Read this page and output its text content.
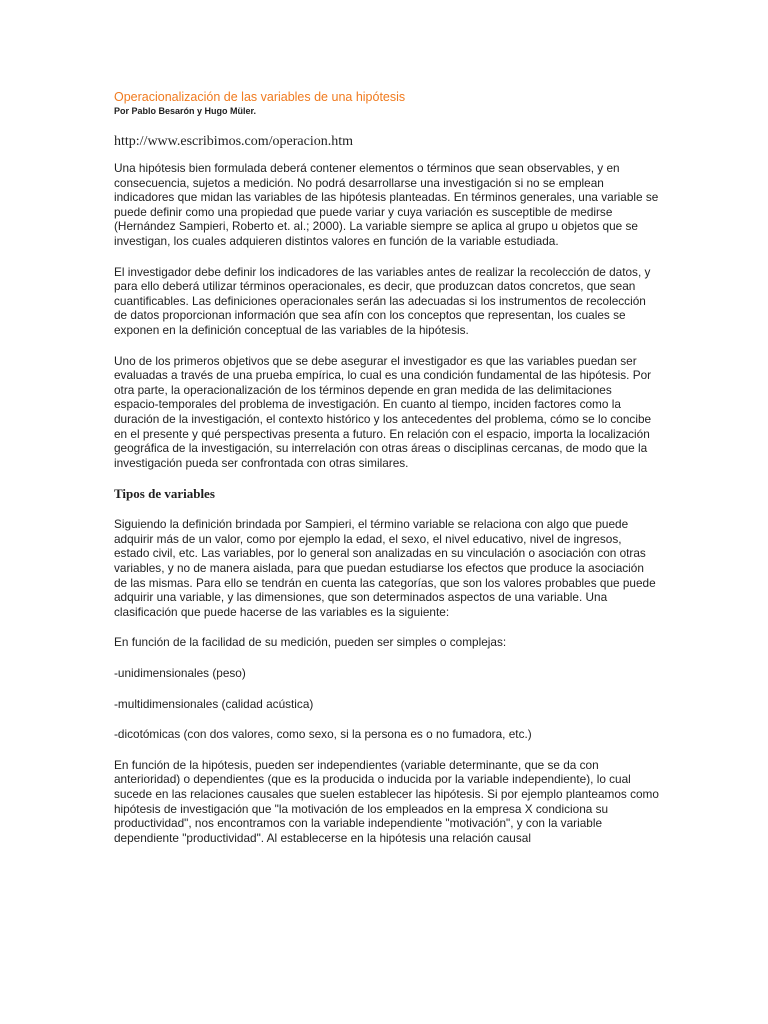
Operacionalización de las variables de una hipótesis

Por Pablo Besarón y Hugo Müler.

http://www.escribimos.com/operacion.htm

Una hipótesis bien formulada deberá contener elementos o términos que sean observables, y en consecuencia, sujetos a medición. No podrá desarrollarse una investigación si no se emplean indicadores que midan las variables de las hipótesis planteadas. En términos generales, una variable se puede definir como una propiedad que puede variar y cuya variación es susceptible de medirse (Hernández Sampieri, Roberto et. al.; 2000). La variable siempre se aplica al grupo u objetos que se investigan, los cuales adquieren distintos valores en función de la variable estudiada.

El investigador debe definir los indicadores de las variables antes de realizar la recolección de datos, y para ello deberá utilizar términos operacionales, es decir, que produzcan datos concretos, que sean cuantificables. Las definiciones operacionales serán las adecuadas si los instrumentos de recolección de datos proporcionan información que sea afín con los conceptos que representan, los cuales se exponen en la definición conceptual de las variables de la hipótesis.

Uno de los primeros objetivos que se debe asegurar el investigador es que las variables puedan ser evaluadas a través de una prueba empírica, lo cual es una condición fundamental de las hipótesis. Por otra parte, la operacionalización de los términos depende en gran medida de las delimitaciones espacio-temporales del problema de investigación. En cuanto al tiempo, inciden factores como la duración de la investigación, el contexto histórico y los antecedentes del problema, cómo se lo concibe en el presente y qué perspectivas presenta a futuro. En relación con el espacio, importa la localización geográfica de la investigación, su interrelación con otras áreas o disciplinas cercanas, de modo que la investigación pueda ser confrontada con otras similares.

Tipos de variables

Siguiendo la definición brindada por Sampieri, el término variable se relaciona con algo que puede adquirir más de un valor, como por ejemplo la edad, el sexo, el nivel educativo, nivel de ingresos, estado civil, etc. Las variables, por lo general son analizadas en su vinculación o asociación con otras variables, y no de manera aislada, para que puedan estudiarse los efectos que produce la asociación de las mismas. Para ello se tendrán en cuenta las categorías, que son los valores probables que puede adquirir una variable, y las dimensiones, que son determinados aspectos de una variable. Una clasificación que puede hacerse de las variables es la siguiente:

En función de la facilidad de su medición, pueden ser simples o complejas:

-unidimensionales (peso)

-multidimensionales (calidad acústica)

-dicotómicas (con dos valores, como sexo, si la persona es o no fumadora, etc.)

En función de la hipótesis, pueden ser independientes (variable determinante, que se da con anterioridad) o dependientes (que es la producida o inducida por la variable independiente), lo cual sucede en las relaciones causales que suelen establecer las hipótesis. Si por ejemplo planteamos como hipótesis de investigación que "la motivación de los empleados en la empresa X condiciona su productividad", nos encontramos con la variable independiente "motivación", y con la variable dependiente "productividad". Al establecerse en la hipótesis una relación causal
